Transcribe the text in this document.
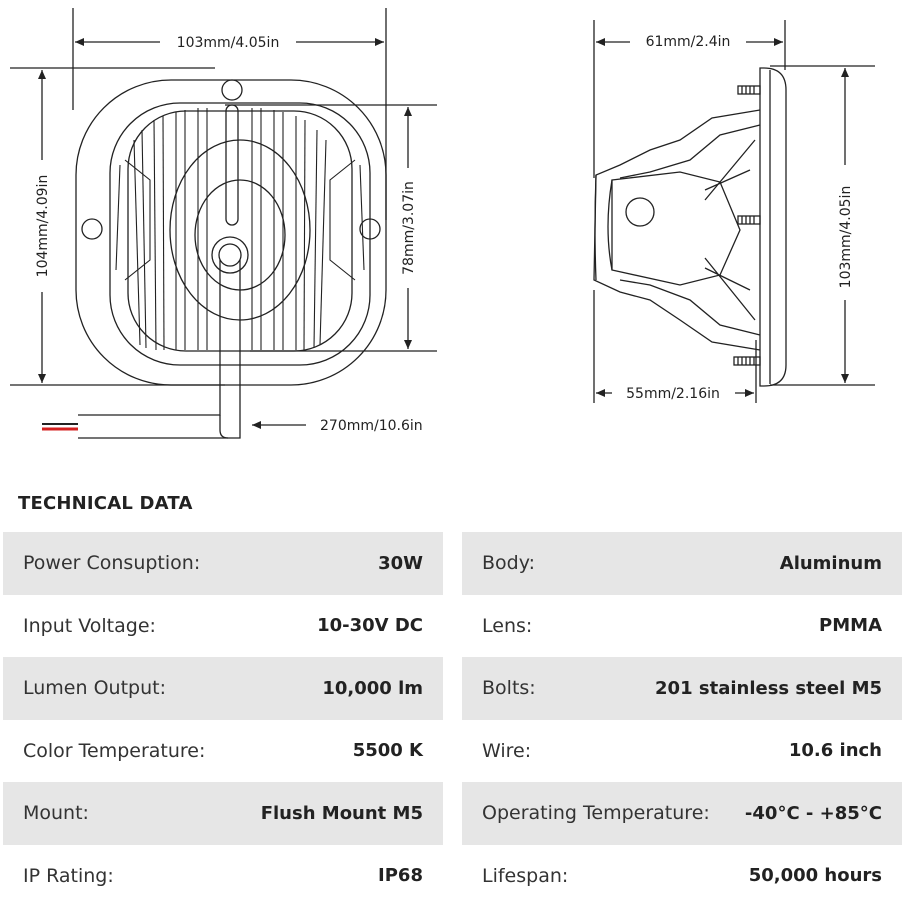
103mm/4.05in
104mm/4.09in	78mm/3.07in
270mm/10.6in
61mm/2.4in
103mm/4.05in
55mm/2.16in
TECHNICAL DATA
Power Consuption:	30W
Input Voltage:	10-30V DC
Lumen Output:	10,000 lm
Color Temperature:	5500 K
Mount:	Flush Mount M5
IP Rating:	IP68
Body:	Aluminum
Lens:	PMMA
Bolts:	201 stainless steel M5
Wire:	10.6 inch
Operating Temperature: -40°C - +85°C
Lifespan:	50,000 hours
